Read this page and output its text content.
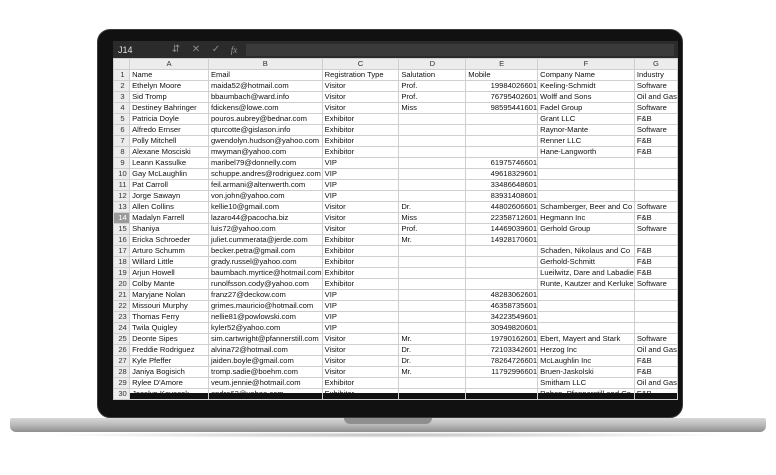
J14	⇵	✕	✓	fx
	A	B	C	D	E	F	G
1	Name	Email	Registration Type	Salutation	Mobile	Company Name	Industry
2	Ethelyn Moore	maida52@hotmail.com	Visitor	Prof.	19984026601	Keeling-Schmidt	Software
3	Sid Tromp	bbaumbach@ward.info	Visitor	Prof.	76795402601	Wolff and Sons	Oil and Gas
4	Destiney Bahringer	fdickens@lowe.com	Visitor	Miss	98595441601	Fadel Group	Software
5	Patricia Doyle	pouros.aubrey@bednar.com	Exhibitor			Grant LLC	F&B
6	Alfredo Ernser	qturcotte@gislason.info	Exhibitor			Raynor-Mante	Software
7	Polly Mitchell	gwendolyn.hudson@yahoo.com	Exhibitor			Renner LLC	F&B
8	Alexane Mosciski	mwyman@yahoo.com	Exhibitor			Hane-Langworth	F&B
9	Leann Kassulke	maribel79@donnelly.com	VIP		61975746601		
10	Gay McLaughlin	schuppe.andres@rodriguez.com	VIP		49618329601		
11	Pat Carroll	feil.armani@altenwerth.com	VIP		33486648601		
12	Jorge Sawayn	von.john@yahoo.com	VIP		83931408601		
13	Allen Collins	kellie10@gmail.com	Visitor	Dr.	44802606601	Schamberger, Beer and Co	Software
14	Madalyn Farrell	lazaro44@pacocha.biz	Visitor	Miss	22358712601	Hegmann Inc	F&B
15	Shaniya	luis72@yahoo.com	Visitor	Prof.	14469039601	Gerhold Group	Software
16	Ericka Schroeder	juliet.cummerata@jerde.com	Exhibitor	Mr.	14928170601		
17	Arturo Schumm	becker.petra@gmail.com	Exhibitor			Schaden, Nikolaus and Co	F&B
18	Willard Little	grady.russel@yahoo.com	Exhibitor			Gerhold-Schmitt	F&B
19	Arjun Howell	baumbach.myrtice@hotmail.com	Exhibitor			Lueilwitz, Dare and Labadie	F&B
20	Colby Mante	runolfsson.cody@yahoo.com	Exhibitor			Runte, Kautzer and Kerluke	Software
21	Maryjane Nolan	franz27@deckow.com	VIP		48283062601		
22	Missouri Murphy	grimes.mauricio@hotmail.com	VIP		46358735601		
23	Thomas Ferry	nellie81@powlowski.com	VIP		34223549601		
24	Twila Quigley	kyler52@yahoo.com	VIP		30949820601		
25	Deonte Sipes	sim.cartwright@pfannerstill.com	Visitor	Mr.	19790162601	Ebert, Mayert and Stark	Software
26	Freddie Rodriguez	alvina72@hotmail.com	Visitor	Dr.	72103342601	Herzog Inc	Oil and Gas
27	Kyle Pfeffer	jaiden.boyle@gmail.com	Visitor	Dr.	78264726601	McLaughlin Inc	F&B
28	Janiya Bogisich	tromp.sadie@boehm.com	Visitor	Mr.	11792996601	Bruen-Jaskolski	F&B
29	Rylee D'Amore	veum.jennie@hotmail.com	Exhibitor			Smitham LLC	Oil and Gas
30	Jocelyn Kovacek	andre63@yahoo.com	Exhibitor			Rohan, Pfannerstill and Co	F&B
